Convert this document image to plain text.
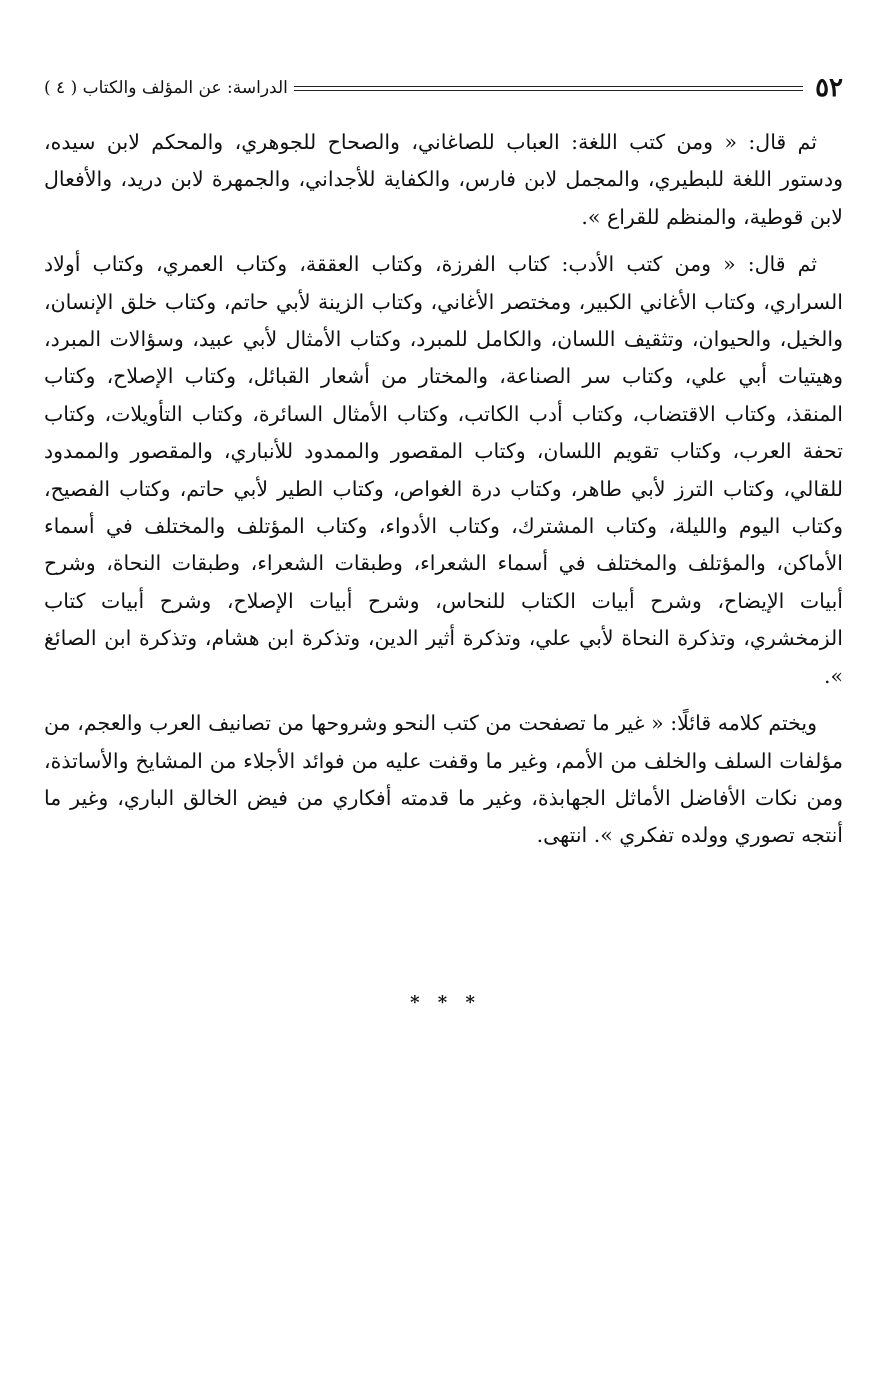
٥٢
الدراسة: عن المؤلف والكتاب ( ٤ )

ثم قال: « ومن كتب اللغة: العباب للصاغاني، والصحاح للجوهري، والمحكم لابن سيده، ودستور اللغة للبطيري، والمجمل لابن فارس، والكفاية للأجداني، والجمهرة لابن دريد، والأفعال لابن قوطية، والمنظم للقراع ».

ثم قال: « ومن كتب الأدب: كتاب الفرزة، وكتاب العققة، وكتاب العمري، وكتاب أولاد السراري، وكتاب الأغاني الكبير، ومختصر الأغاني، وكتاب الزينة لأبي حاتم، وكتاب خلق الإنسان، والخيل، والحيوان، وتثقيف اللسان، والكامل للمبرد، وكتاب الأمثال لأبي عبيد، وسؤالات المبرد، وهيتيات أبي علي، وكتاب سر الصناعة، والمختار من أشعار القبائل، وكتاب الإصلاح، وكتاب المنقذ، وكتاب الاقتضاب، وكتاب أدب الكاتب، وكتاب الأمثال السائرة، وكتاب التأويلات، وكتاب تحفة العرب، وكتاب تقويم اللسان، وكتاب المقصور والممدود للأنباري، والمقصور والممدود للقالي، وكتاب الترز لأبي طاهر، وكتاب درة الغواص، وكتاب الطير لأبي حاتم، وكتاب الفصيح، وكتاب اليوم والليلة، وكتاب المشترك، وكتاب الأدواء، وكتاب المؤتلف والمختلف في أسماء الأماكن، والمؤتلف والمختلف في أسماء الشعراء، وطبقات الشعراء، وطبقات النحاة، وشرح أبيات الإيضاح، وشرح أبيات الكتاب للنحاس، وشرح أبيات الإصلاح، وشرح أبيات كتاب الزمخشري، وتذكرة النحاة لأبي علي، وتذكرة أثير الدين، وتذكرة ابن هشام، وتذكرة ابن الصائغ ».

ويختم كلامه قائلًا: « غير ما تصفحت من كتب النحو وشروحها من تصانيف العرب والعجم، من مؤلفات السلف والخلف من الأمم، وغير ما وقفت عليه من فوائد الأجلاء من المشايخ والأساتذة، ومن نكات الأفاضل الأماثل الجهابذة، وغير ما قدمته أفكاري من فيض الخالق الباري، وغير ما أنتجه تصوري وولده تفكري ». انتهى.

* * *
